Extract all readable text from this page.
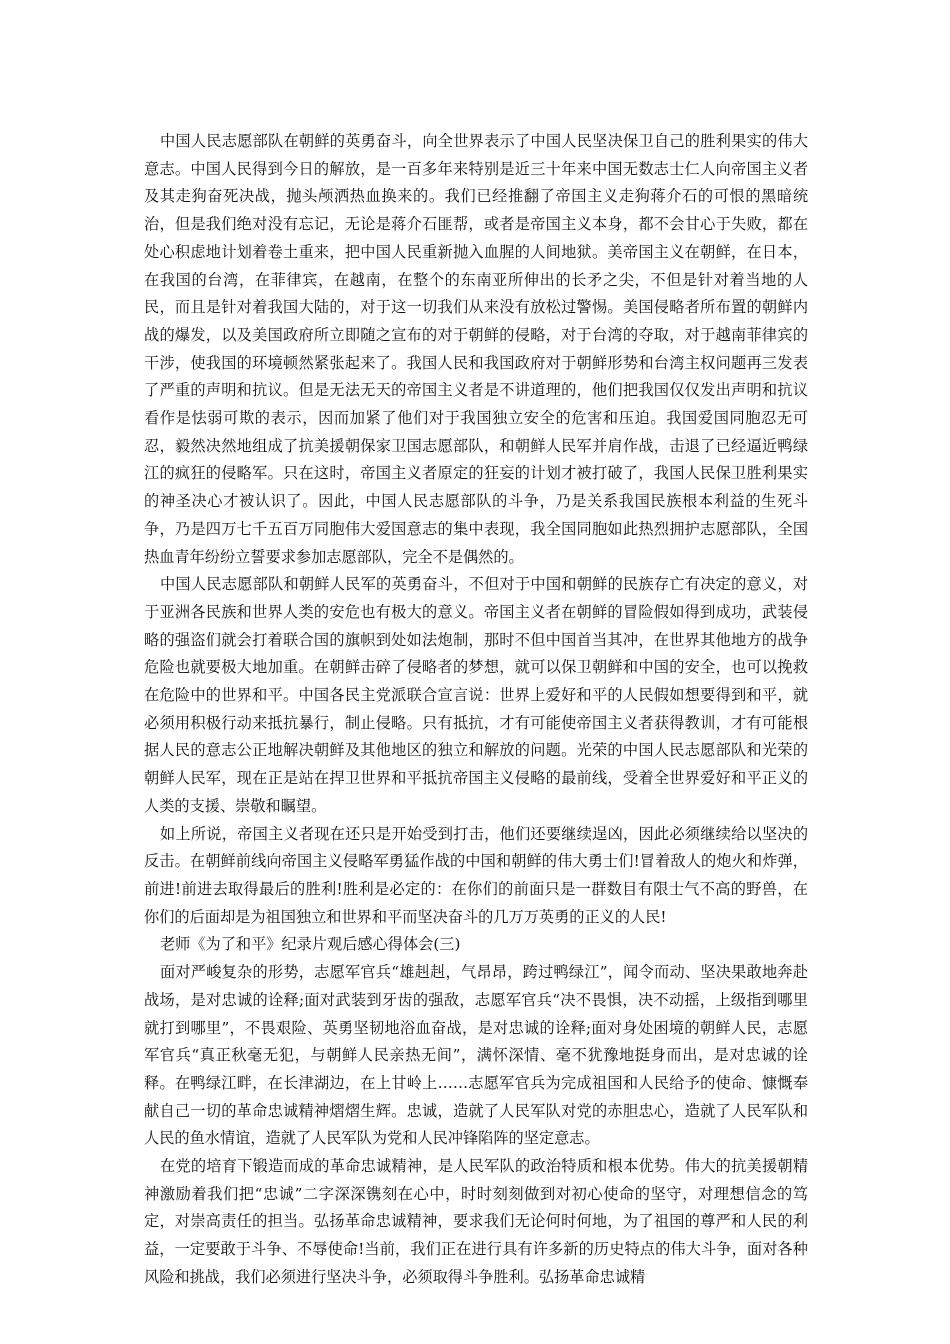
中国人民志愿部队在朝鲜的英勇奋斗，向全世界表示了中国人民坚决保卫自己的胜利果实的伟大意志。中国人民得到今日的解放，是一百多年来特别是近三十年来中国无数志士仁人向帝国主义者及其走狗奋死决战，抛头颅洒热血换来的。我们已经推翻了帝国主义走狗蒋介石的可恨的黑暗统治，但是我们绝对没有忘记，无论是蒋介石匪帮，或者是帝国主义本身，都不会甘心于失败，都在处心积虑地计划着卷土重来，把中国人民重新抛入血腥的人间地狱。美帝国主义在朝鲜，在日本，在我国的台湾，在菲律宾，在越南，在整个的东南亚所伸出的长矛之尖，不但是针对着当地的人民，而且是针对着我国大陆的，对于这一切我们从来没有放松过警惕。美国侵略者所布置的朝鲜内战的爆发，以及美国政府所立即随之宣布的对于朝鲜的侵略，对于台湾的夺取，对于越南菲律宾的干涉，使我国的环境顿然紧张起来了。我国人民和我国政府对于朝鲜形势和台湾主权问题再三发表了严重的声明和抗议。但是无法无天的帝国主义者是不讲道理的，他们把我国仅仅发出声明和抗议看作是怯弱可欺的表示，因而加紧了他们对于我国独立安全的危害和压迫。我国爱国同胞忍无可忍，毅然决然地组成了抗美援朝保家卫国志愿部队，和朝鲜人民军并肩作战，击退了已经逼近鸭绿江的疯狂的侵略军。只在这时，帝国主义者原定的狂妄的计划才被打破了，我国人民保卫胜利果实的神圣决心才被认识了。因此，中国人民志愿部队的斗争，乃是关系我国民族根本利益的生死斗争，乃是四万七千五百万同胞伟大爱国意志的集中表现，我全国同胞如此热烈拥护志愿部队，全国热血青年纷纷立誓要求参加志愿部队，完全不是偶然的。

中国人民志愿部队和朝鲜人民军的英勇奋斗，不但对于中国和朝鲜的民族存亡有决定的意义，对于亚洲各民族和世界人类的安危也有极大的意义。帝国主义者在朝鲜的冒险假如得到成功，武装侵略的强盗们就会打着联合国的旗帜到处如法炮制，那时不但中国首当其冲，在世界其他地方的战争危险也就要极大地加重。在朝鲜击碎了侵略者的梦想，就可以保卫朝鲜和中国的安全，也可以挽救在危险中的世界和平。中国各民主党派联合宣言说：世界上爱好和平的人民假如想要得到和平，就必须用积极行动来抵抗暴行，制止侵略。只有抵抗，才有可能使帝国主义者获得教训，才有可能根据人民的意志公正地解决朝鲜及其他地区的独立和解放的问题。光荣的中国人民志愿部队和光荣的朝鲜人民军，现在正是站在捍卫世界和平抵抗帝国主义侵略的最前线，受着全世界爱好和平正义的人类的支援、崇敬和瞩望。

如上所说，帝国主义者现在还只是开始受到打击，他们还要继续逞凶，因此必须继续给以坚决的反击。在朝鲜前线向帝国主义侵略军勇猛作战的中国和朝鲜的伟大勇士们!冒着敌人的炮火和炸弹，前进!前进去取得最后的胜利!胜利是必定的：在你们的前面只是一群数目有限士气不高的野兽，在你们的后面却是为祖国独立和世界和平而坚决奋斗的几万万英勇的正义的人民!

老师《为了和平》纪录片观后感心得体会(三)

面对严峻复杂的形势，志愿军官兵“雄赳赳，气昂昂，跨过鸭绿江”，闻令而动、坚决果敢地奔赴战场，是对忠诚的诠释;面对武装到牙齿的强敌，志愿军官兵“决不畏惧，决不动摇，上级指到哪里就打到哪里”，不畏艰险、英勇坚韧地浴血奋战，是对忠诚的诠释;面对身处困境的朝鲜人民，志愿军官兵“真正秋毫无犯，与朝鲜人民亲热无间”，满怀深情、毫不犹豫地挺身而出，是对忠诚的诠释。在鸭绿江畔，在长津湖边，在上甘岭上……志愿军官兵为完成祖国和人民给予的使命、慷慨奉献自己一切的革命忠诚精神熠熠生辉。忠诚，造就了人民军队对党的赤胆忠心，造就了人民军队和人民的鱼水情谊，造就了人民军队为党和人民冲锋陷阵的坚定意志。

在党的培育下锻造而成的革命忠诚精神，是人民军队的政治特质和根本优势。伟大的抗美援朝精神激励着我们把“忠诚”二字深深镌刻在心中，时时刻刻做到对初心使命的坚守，对理想信念的笃定，对崇高责任的担当。弘扬革命忠诚精神，要求我们无论何时何地，为了祖国的尊严和人民的利益，一定要敢于斗争、不辱使命!当前，我们正在进行具有许多新的历史特点的伟大斗争，面对各种风险和挑战，我们必须进行坚决斗争，必须取得斗争胜利。弘扬革命忠诚精
